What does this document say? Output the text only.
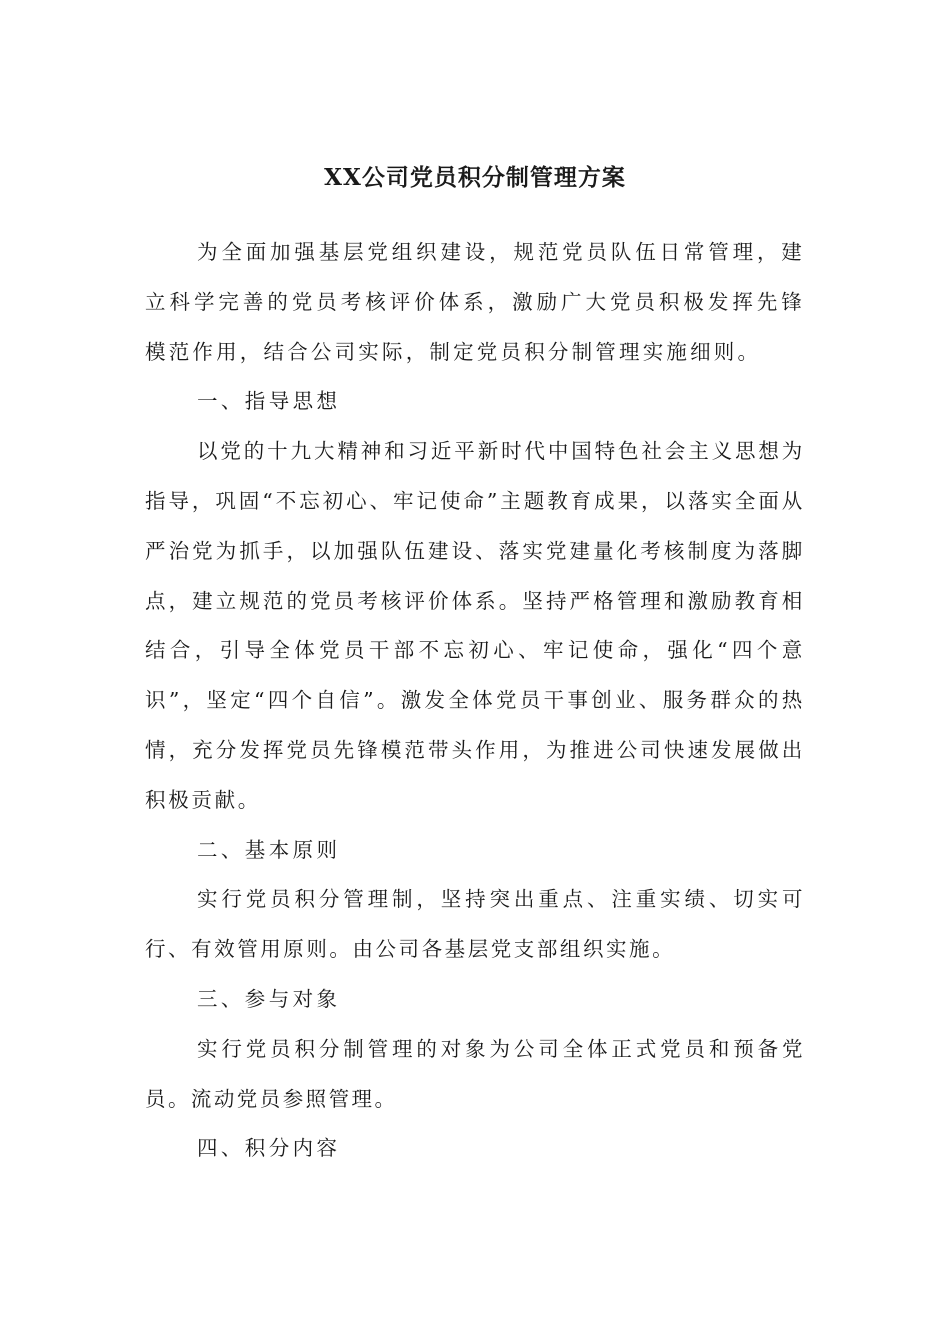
XX公司党员积分制管理方案

为全面加强基层党组织建设，规范党员队伍日常管理，建立科学完善的党员考核评价体系，激励广大党员积极发挥先锋模范作用，结合公司实际，制定党员积分制管理实施细则。

一、指导思想

以党的十九大精神和习近平新时代中国特色社会主义思想为指导，巩固“不忘初心、牢记使命”主题教育成果，以落实全面从严治党为抓手，以加强队伍建设、落实党建量化考核制度为落脚点，建立规范的党员考核评价体系。坚持严格管理和激励教育相结合，引导全体党员干部不忘初心、牢记使命，强化“四个意识”，坚定“四个自信”。激发全体党员干事创业、服务群众的热情，充分发挥党员先锋模范带头作用，为推进公司快速发展做出积极贡献。

二、基本原则

实行党员积分管理制，坚持突出重点、注重实绩、切实可行、有效管用原则。由公司各基层党支部组织实施。

三、参与对象

实行党员积分制管理的对象为公司全体正式党员和预备党员。流动党员参照管理。

四、积分内容
